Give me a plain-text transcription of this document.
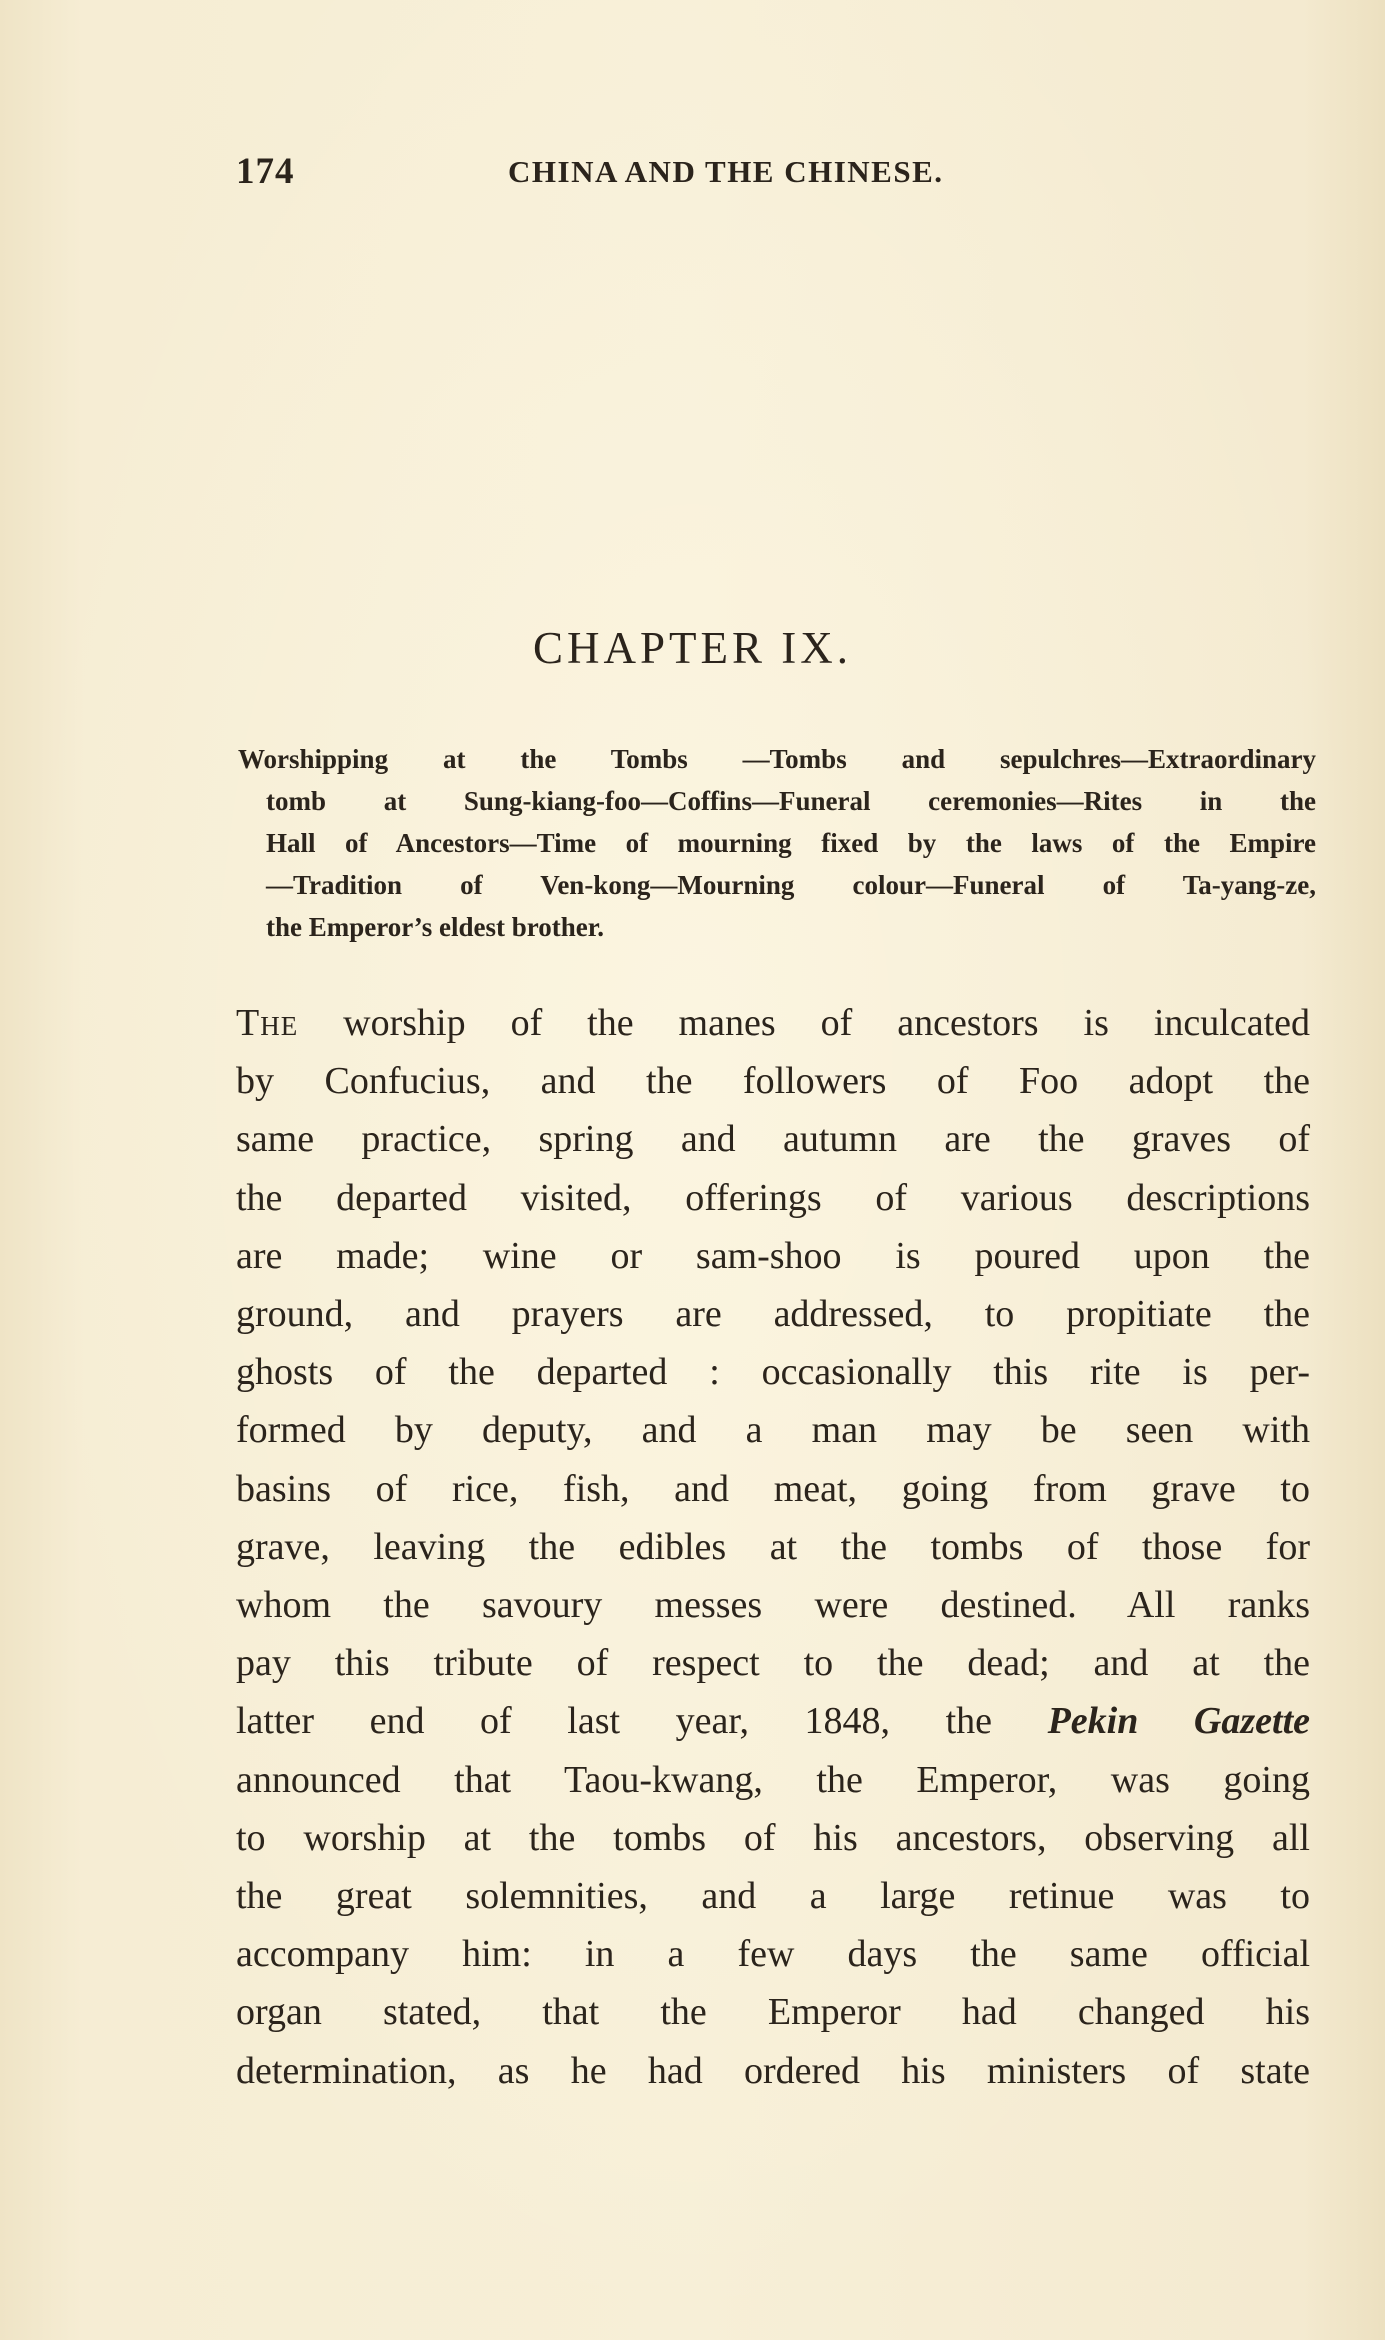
174	CHINA AND THE CHINESE.
CHAPTER IX.
Worshipping at the Tombs —Tombs and sepulchres—Extraordinary
tomb at Sung-kiang-foo—Coffins—Funeral ceremonies—Rites in the
Hall of Ancestors—Time of mourning fixed by the laws of the Empire
—Tradition of Ven-kong—Mourning colour—Funeral of Ta-yang-ze,
the Emperor’s eldest brother.
The worship of the manes of ancestors is inculcated
by Confucius, and the followers of Foo adopt the
same practice, spring and autumn are the graves of
the departed visited, offerings of various descriptions
are made; wine or sam-shoo is poured upon the
ground, and prayers are addressed, to propitiate the
ghosts of the departed : occasionally this rite is per-
formed by deputy, and a man may be seen with
basins of rice, fish, and meat, going from grave to
grave, leaving the edibles at the tombs of those for
whom the savoury messes were destined. All ranks
pay this tribute of respect to the dead; and at the
latter end of last year, 1848, the Pekin Gazette
announced that Taou-kwang, the Emperor, was going
to worship at the tombs of his ancestors, observing all
the great solemnities, and a large retinue was to
accompany him: in a few days the same official
organ stated, that the Emperor had changed his
determination, as he had ordered his ministers of state
